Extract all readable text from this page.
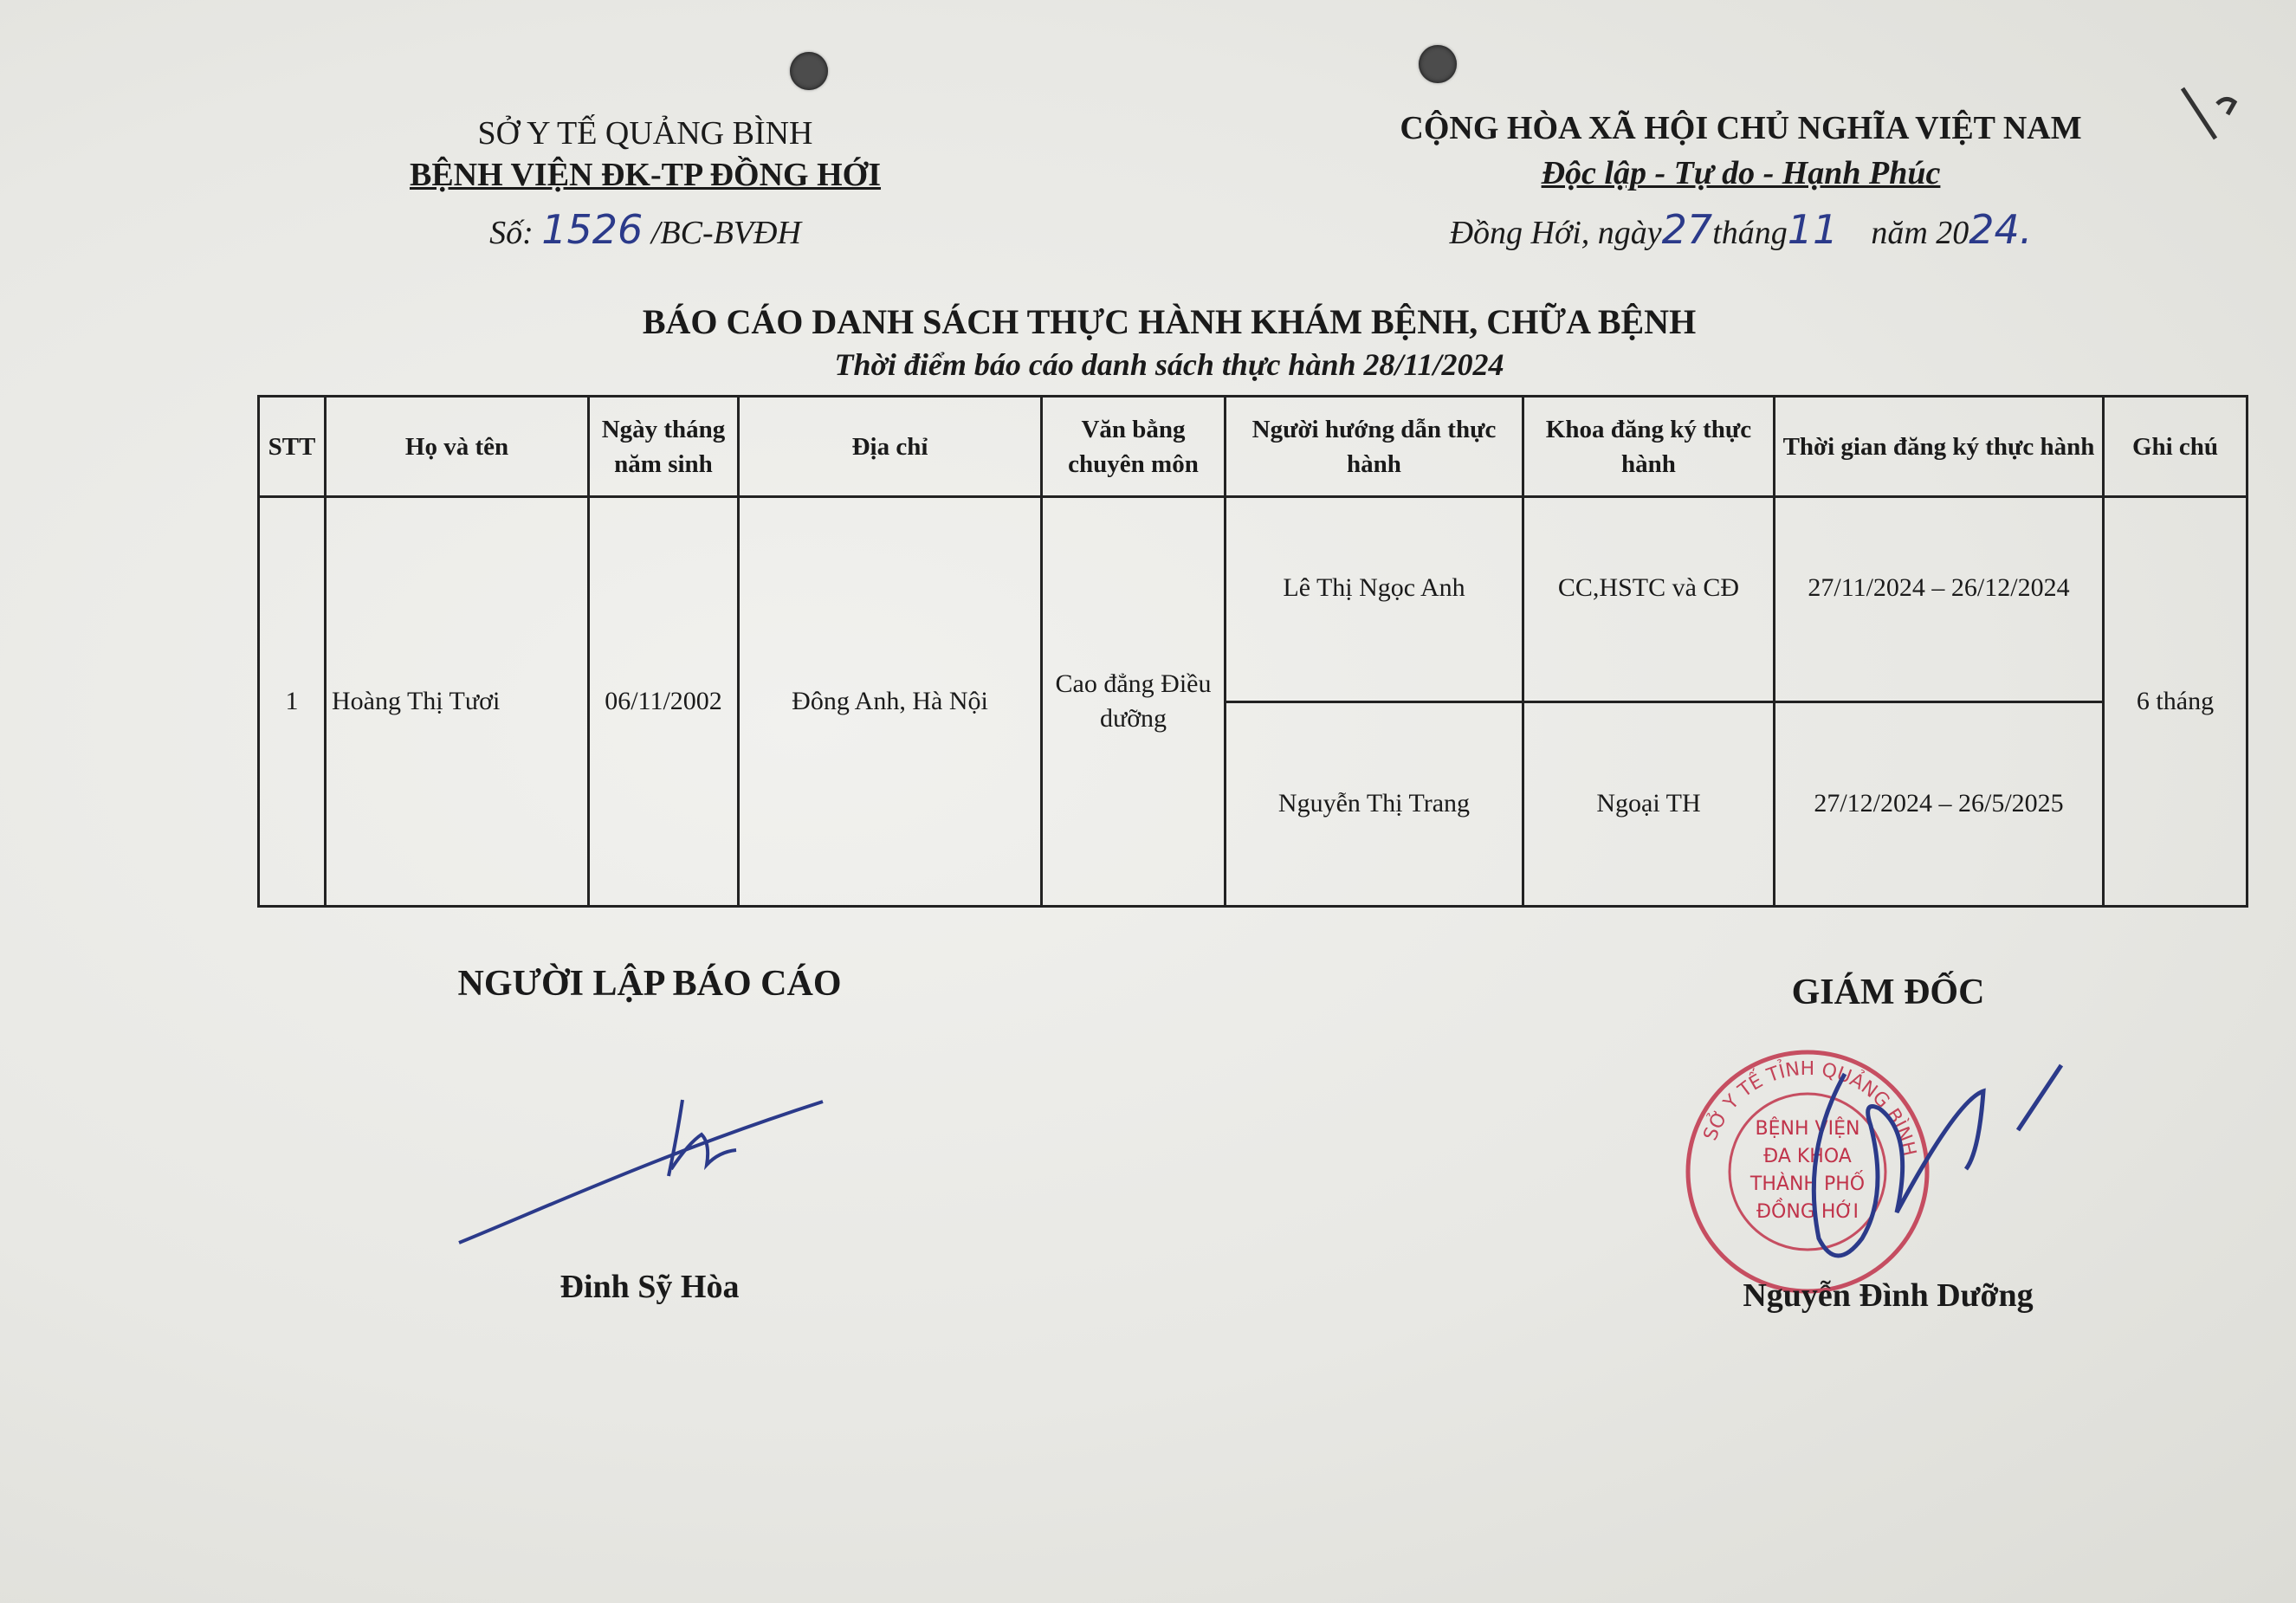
SỞ Y TẾ QUẢNG BÌNH
BỆNH VIỆN ĐK-TP ĐỒNG HỚI
Số: 1526 /BC-BVĐH
CỘNG HÒA XÃ HỘI CHỦ NGHĨA VIỆT NAM
Độc lập - Tự do - Hạnh Phúc
Đồng Hới, ngày27tháng11 năm 2024.
BÁO CÁO DANH SÁCH THỰC HÀNH KHÁM BỆNH, CHỮA BỆNH
Thời điểm báo cáo danh sách thực hành 28/11/2024
STT	Họ và tên	Ngày tháng năm sinh	Địa chỉ	Văn bằng chuyên môn	Người hướng dẫn thực hành	Khoa đăng ký thực hành	Thời gian đăng ký thực hành	Ghi chú
1	Hoàng Thị Tươi	06/11/2002	Đông Anh, Hà Nội	Cao đẳng Điều dưỡng	Lê Thị Ngọc Anh	CC,HSTC và CĐ	27/11/2024 – 26/12/2024	6 tháng
					Nguyễn Thị Trang	Ngoại TH	27/12/2024 – 26/5/2025	
NGƯỜI LẬP BÁO CÁO
Đinh Sỹ Hòa
GIÁM ĐỐC
SỞ Y TẾ TỈNH QUẢNG BÌNH
BỆNH VIỆN
ĐA KHOA
THÀNH PHỐ
ĐỒNG HỚI
Nguyễn Đình Dưỡng
